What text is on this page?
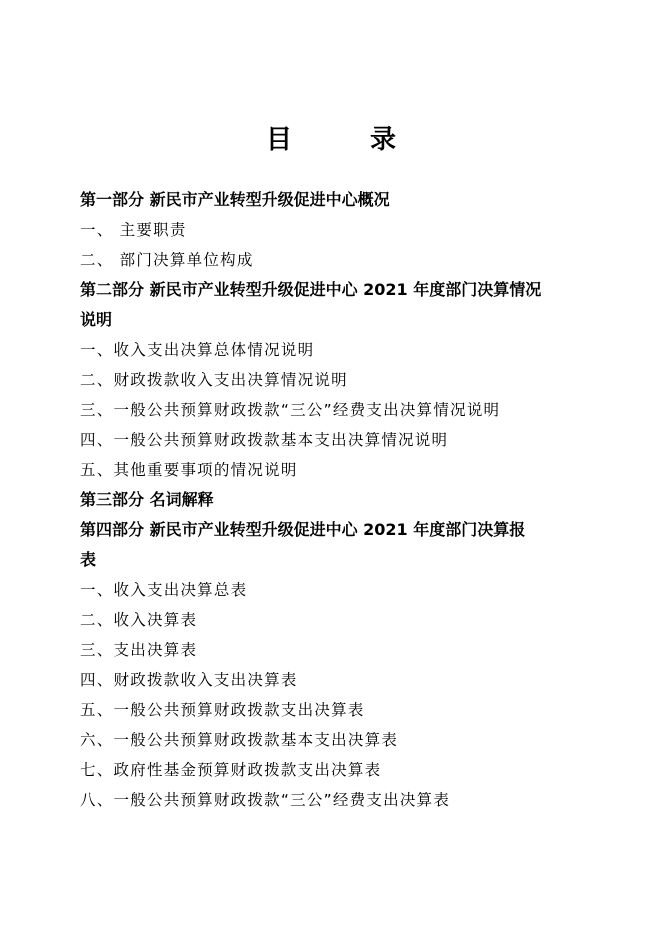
目　录
第一部分 新民市产业转型升级促进中心概况
一、 主要职责
二、 部门决算单位构成
第二部分 新民市产业转型升级促进中心 2021 年度部门决算情况
说明
一、收入支出决算总体情况说明
二、财政拨款收入支出决算情况说明
三、一般公共预算财政拨款“三公”经费支出决算情况说明
四、一般公共预算财政拨款基本支出决算情况说明
五、其他重要事项的情况说明
第三部分 名词解释
第四部分 新民市产业转型升级促进中心 2021 年度部门决算报
表
一、收入支出决算总表
二、收入决算表
三、支出决算表
四、财政拨款收入支出决算表
五、一般公共预算财政拨款支出决算表
六、一般公共预算财政拨款基本支出决算表
七、政府性基金预算财政拨款支出决算表
八、一般公共预算财政拨款“三公”经费支出决算表
